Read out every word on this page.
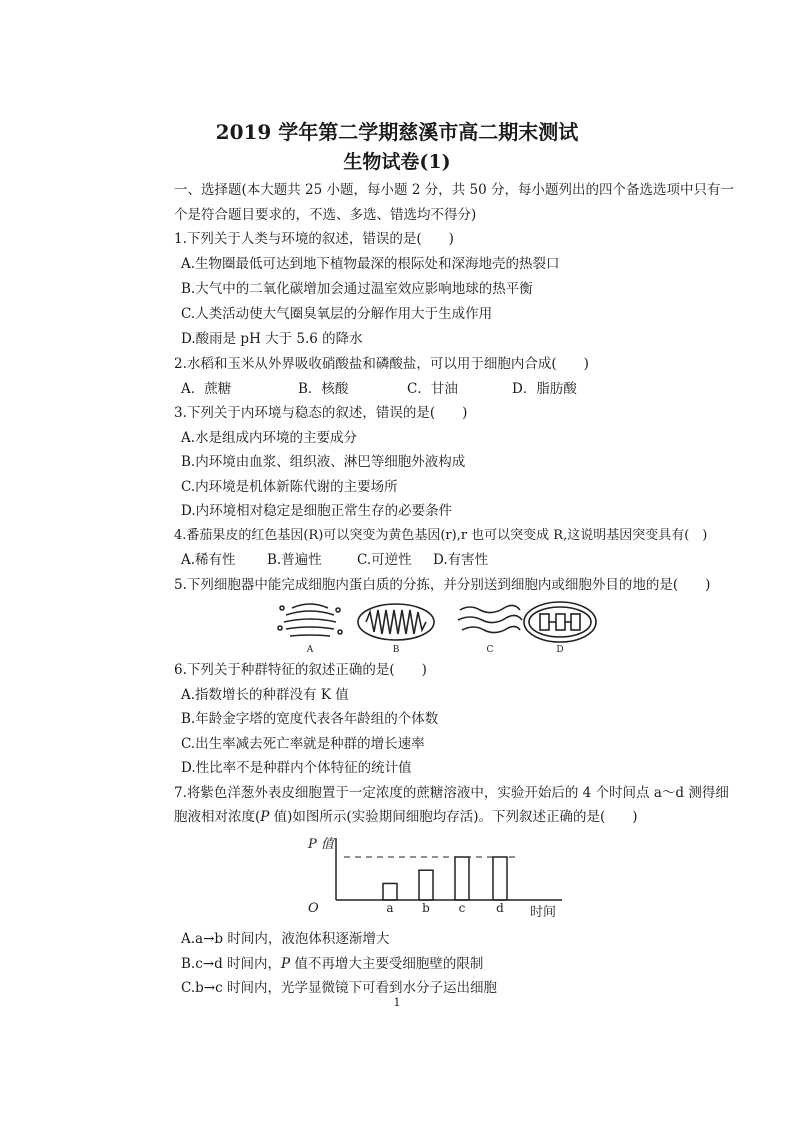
2019 学年第二学期慈溪市高二期末测试
生物试卷(1)
一、选择题(本大题共 25 小题，每小题 2 分，共 50 分，每小题列出的四个备选选项中只有一
个是符合题目要求的，不选、多选、错选均不得分)
1.下列关于人类与环境的叙述，错误的是(　　)
A.生物圈最低可达到地下植物最深的根际处和深海地壳的热裂口
B.大气中的二氧化碳增加会通过温室效应影响地球的热平衡
C.人类活动使大气圈臭氧层的分解作用大于生成作用
D.酸雨是 pH 大于 5.6 的降水
2.水稻和玉米从外界吸收硝酸盐和磷酸盐，可以用于细胞内合成(　　)
A．蔗糖	B．核酸	C．甘油	D．脂肪酸
3.下列关于内环境与稳态的叙述，错误的是(　　)
A.水是组成内环境的主要成分
B.内环境由血浆、组织液、淋巴等细胞外液构成
C.内环境是机体新陈代谢的主要场所
D.内环境相对稳定是细胞正常生存的必要条件
4.番茄果皮的红色基因(R)可以突变为黄色基因(r),r 也可以突变成 R,这说明基因突变具有(　)
A.稀有性 B.普遍性	C.可逆性 D.有害性
5.下列细胞器中能完成细胞内蛋白质的分拣，并分别送到细胞内或细胞外目的地的是(　　)
A	B	C	D
6.下列关于种群特征的叙述正确的是(　　)
A.指数增长的种群没有 K 值
B.年龄金字塔的宽度代表各年龄组的个体数
C.出生率减去死亡率就是种群的增长速率
D.性比率不是种群内个体特征的统计值
7.将紫色洋葱外表皮细胞置于一定浓度的蔗糖溶液中，实验开始后的 4 个时间点 a～d 测得细
胞液相对浓度(P 值)如图所示(实验期间细胞均存活)。下列叙述正确的是(　　)
P 值
O	时间
a b c	d
A.a→b 时间内，液泡体积逐渐增大
B.c→d 时间内，P 值不再增大主要受细胞壁的限制
C.b→c 时间内，光学显微镜下可看到水分子运出细胞
1
